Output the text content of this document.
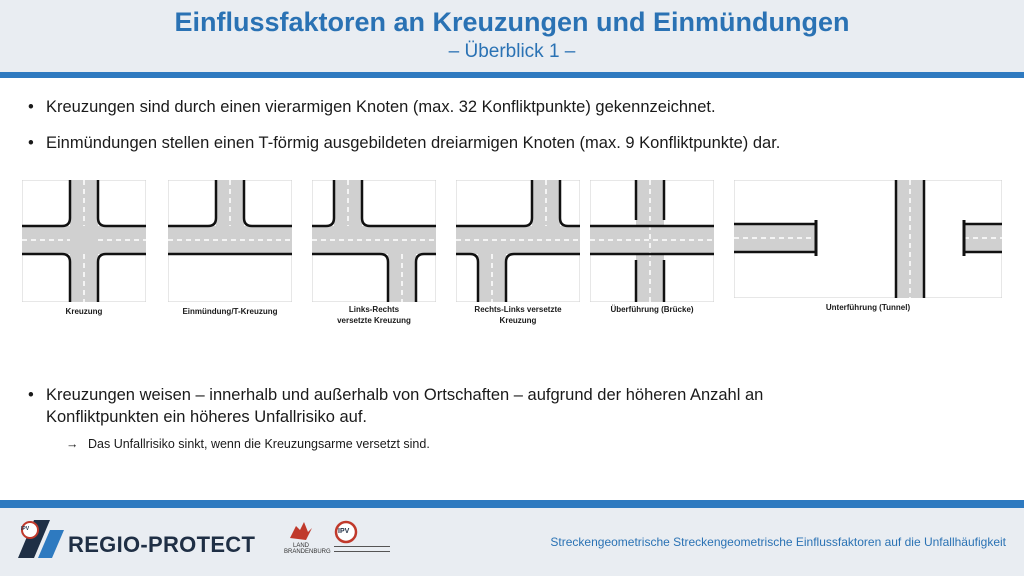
Einflussfaktoren an Kreuzungen und Einmündungen
– Überblick 1 –
• Kreuzungen sind durch einen vierarmigen Knoten (max. 32 Konfliktpunkte) gekennzeichnet.
• Einmündungen stellen einen T-förmig ausgebildeten dreiarmigen Knoten (max. 9 Konfliktpunkte) dar.
Kreuzung	Einmündung/T-Kreuzung	Links-Rechts
versetzte Kreuzung
Rechts-Links versetzte
Kreuzung
Überführung (Brücke)	Unterführung (Tunnel)
• Kreuzungen weisen – innerhalb und außerhalb von Ortschaften – aufgrund der höheren Anzahl an
Konfliktpunkten ein höheres Unfallrisiko auf.
→ Das Unfallrisiko sinkt, wenn die Kreuzungsarme versetzt sind.
IPV
REGIO-PROTECT	LAND
BRANDENBURG
IPV
Streckengeometrische Streckengeometrische Einflussfaktoren auf die Unfallhäufigkeit
